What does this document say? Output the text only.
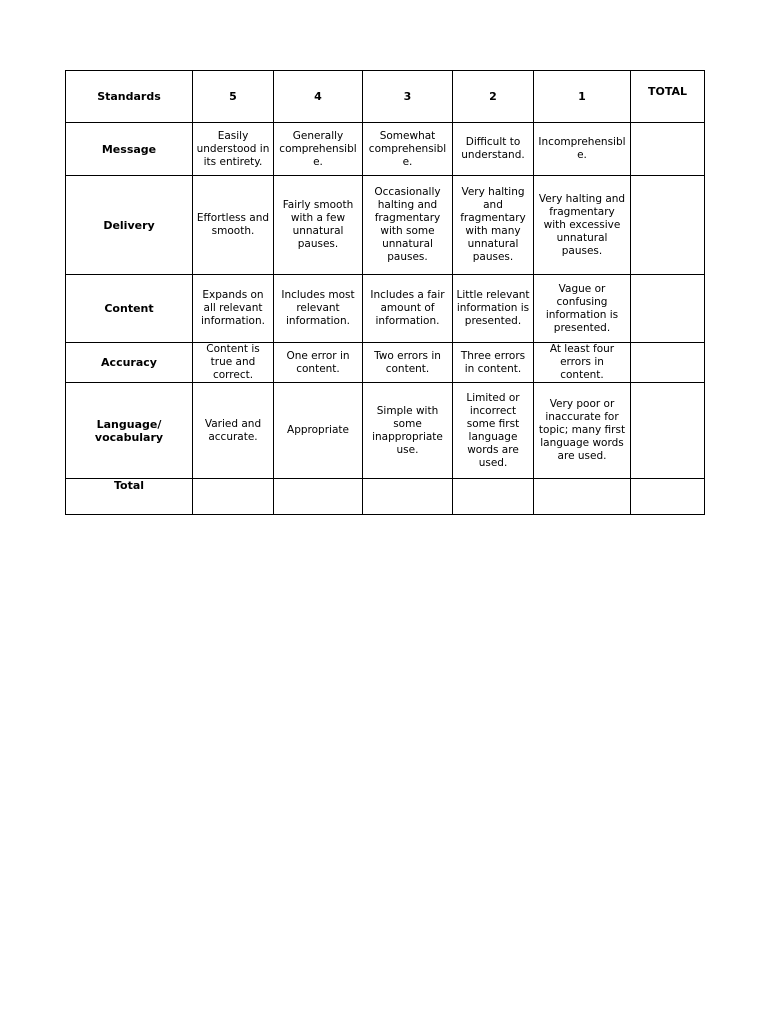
Standards	5	4	3	2	1	TOTAL
Message	Easily understood in its entirety.	Generally comprehensible.	Somewhat comprehensible.	Difficult to understand.	Incomprehensible.	
Delivery	Effortless and smooth.	Fairly smooth with a few unnatural pauses.	Occasionally halting and fragmentary with some unnatural pauses.	Very halting and fragmentary with many unnatural pauses.	Very halting and fragmentary with excessive unnatural pauses.	
Content	Expands on all relevant information.	Includes most relevant information.	Includes a fair amount of information.	Little relevant information is presented.	Vague or confusing information is presented.	
Accuracy	Content is true and correct.	One error in content.	Two errors in content.	Three errors in content.	At least four errors in content.	
Language/ vocabulary	Varied and accurate.	Appropriate	Simple with some inappropriate use.	Limited or incorrect some first language words are used.	Very poor or inaccurate for topic; many first language words are used.	
Total						
